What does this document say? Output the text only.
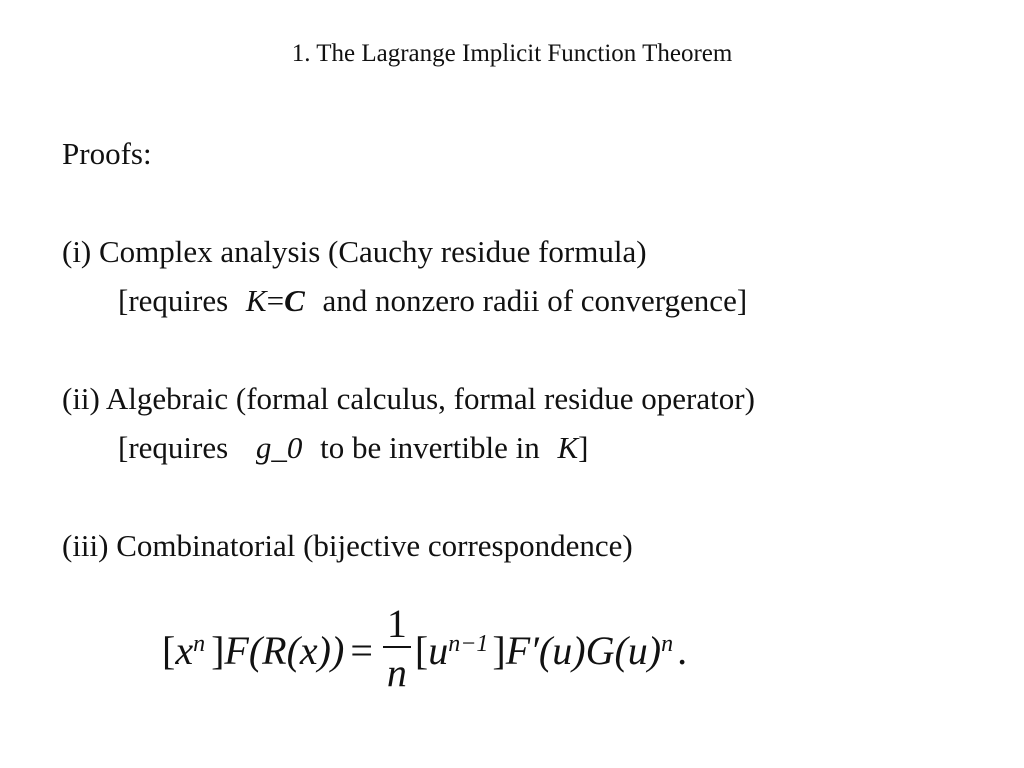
1. The Lagrange Implicit Function Theorem
Proofs:
(i) Complex analysis (Cauchy residue formula)
[requires K=C and nonzero radii of convergence]
(ii) Algebraic (formal calculus, formal residue operator)
[requires g_0 to be invertible in K]
(iii) Combinatorial (bijective correspondence)
[ $x^n$ ] $F(R(x)) = \frac{1}{n}$ [ $u^{n-1}$ ] $F'(u)G(u)^n$ .
